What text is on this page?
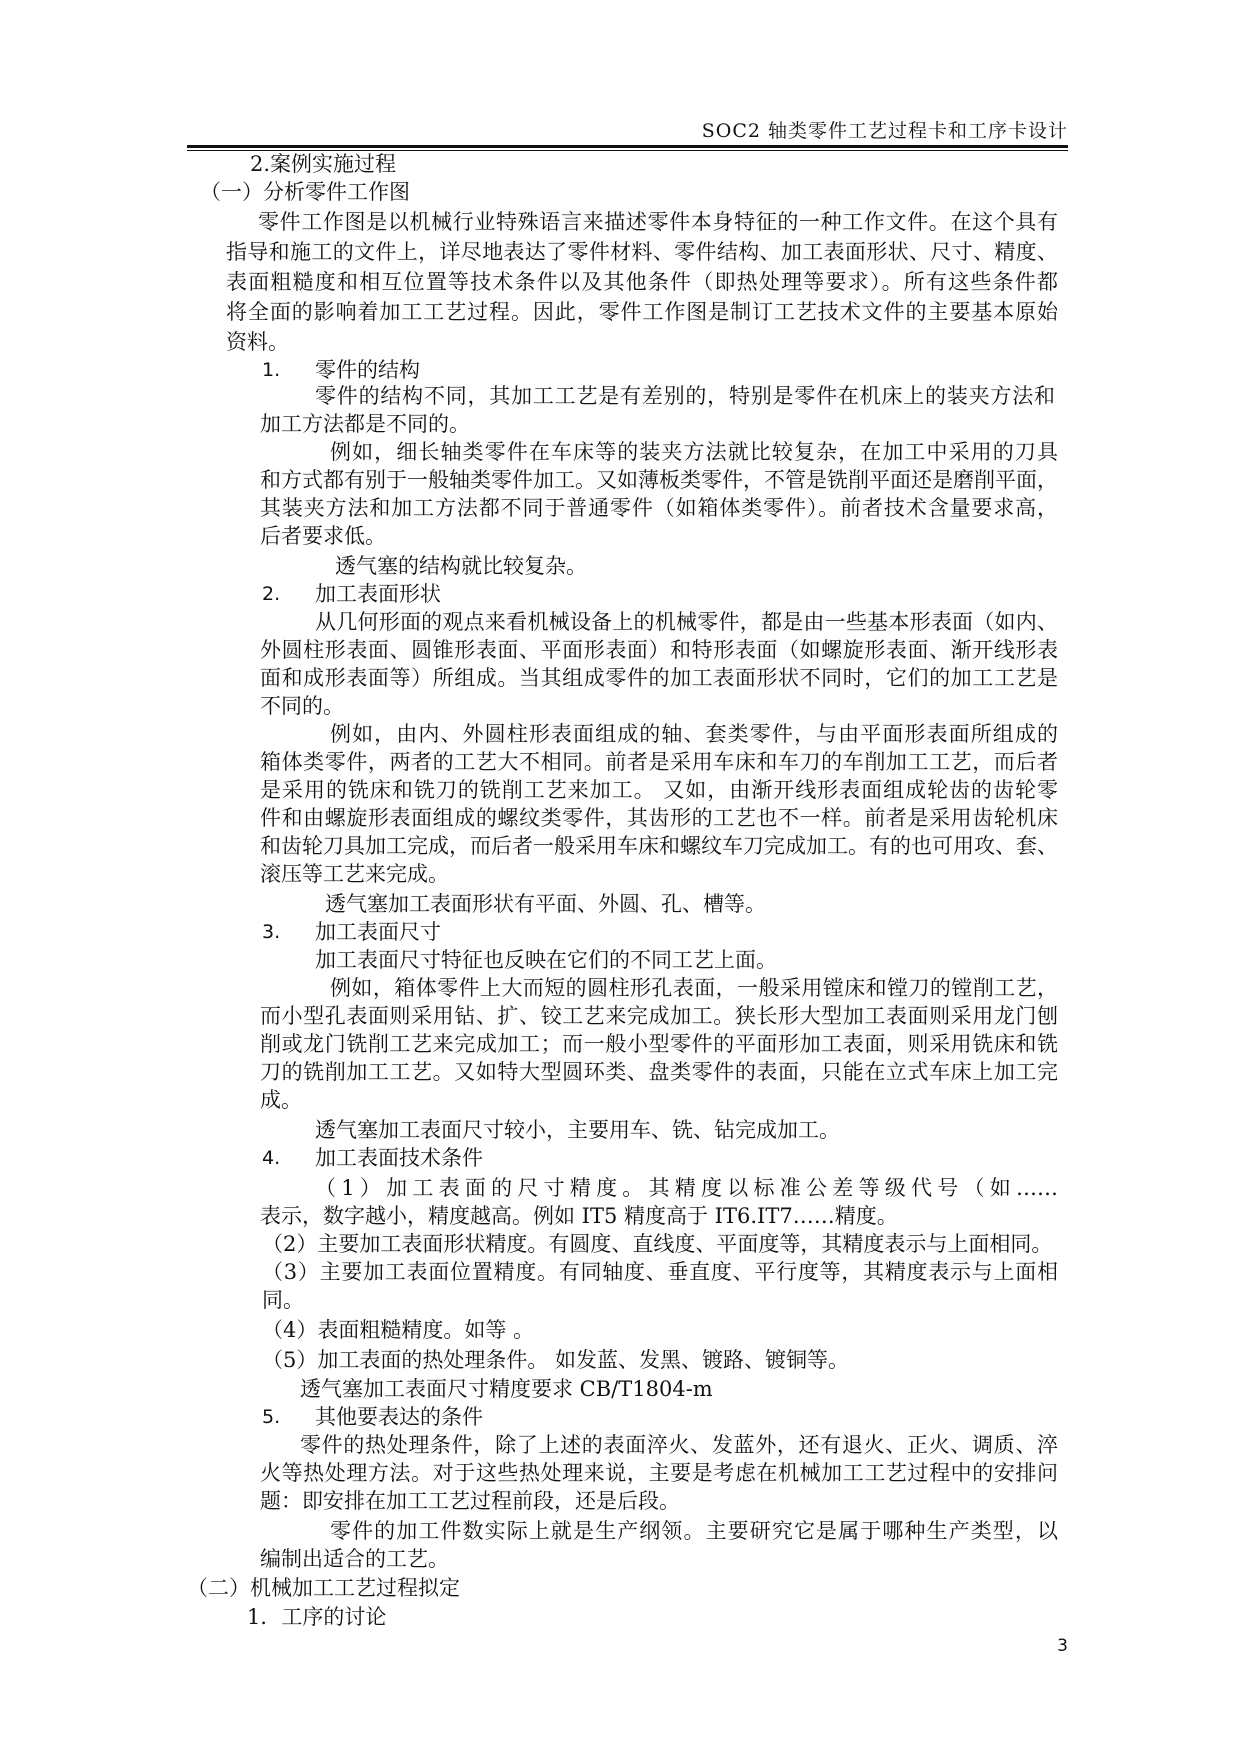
SOC2 轴类零件工艺过程卡和工序卡设计
2.案例实施过程
（一）分析零件工作图
零件工作图是以机械行业特殊语言来描述零件本身特征的一种工作文件。在这个具有
指导和施工的文件上，详尽地表达了零件材料、零件结构、加工表面形状、尺寸、精度、
表面粗糙度和相互位置等技术条件以及其他条件（即热处理等要求）。所有这些条件都
将全面的影响着加工工艺过程。因此，零件工作图是制订工艺技术文件的主要基本原始
资料。
零件的结构
零件的结构不同，其加工工艺是有差别的，特别是零件在机床上的装夹方法和
加工方法都是不同的。
例如，细长轴类零件在车床等的装夹方法就比较复杂，在加工中采用的刀具
和方式都有别于一般轴类零件加工。又如薄板类零件，不管是铣削平面还是磨削平面，
其装夹方法和加工方法都不同于普通零件（如箱体类零件）。前者技术含量要求高，
后者要求低。
透气塞的结构就比较复杂。
加工表面形状
从几何形面的观点来看机械设备上的机械零件，都是由一些基本形表面（如内、
外圆柱形表面、圆锥形表面、平面形表面）和特形表面（如螺旋形表面、渐开线形表
面和成形表面等）所组成。当其组成零件的加工表面形状不同时，它们的加工工艺是
不同的。
例如，由内、外圆柱形表面组成的轴、套类零件，与由平面形表面所组成的
箱体类零件，两者的工艺大不相同。前者是采用车床和车刀的车削加工工艺，而后者
是采用的铣床和铣刀的铣削工艺来加工。 又如，由渐开线形表面组成轮齿的齿轮零
件和由螺旋形表面组成的螺纹类零件，其齿形的工艺也不一样。前者是采用齿轮机床
和齿轮刀具加工完成，而后者一般采用车床和螺纹车刀完成加工。有的也可用攻、套、
滚压等工艺来完成。
透气塞加工表面形状有平面、外圆、孔、槽等。
加工表面尺寸
加工表面尺寸特征也反映在它们的不同工艺上面。
例如，箱体零件上大而短的圆柱形孔表面，一般采用镗床和镗刀的镗削工艺，
而小型孔表面则采用钻、扩、铰工艺来完成加工。狭长形大型加工表面则采用龙门刨
削或龙门铣削工艺来完成加工；而一般小型零件的平面形加工表面，则采用铣床和铣
刀的铣削加工工艺。又如特大型圆环类、盘类零件的表面，只能在立式车床上加工完
成。
透气塞加工表面尺寸较小，主要用车、铣、钻完成加工。
加工表面技术条件
（1）加工表面的尺寸精度。其精度以标准公差等级代号（如……
表示，数字越小，精度越高。例如 IT5 精度高于 IT6.IT7……精度。
（2）主要加工表面形状精度。有圆度、直线度、平面度等，其精度表示与上面相同。
（3）主要加工表面位置精度。有同轴度、垂直度、平行度等，其精度表示与上面相
同。
（4）表面粗糙精度。如等 。
（5）加工表面的热处理条件。 如发蓝、发黑、镀路、镀铜等。
透气塞加工表面尺寸精度要求 CB/T1804-m
其他要表达的条件
零件的热处理条件，除了上述的表面淬火、发蓝外，还有退火、正火、调质、淬
火等热处理方法。对于这些热处理来说，主要是考虑在机械加工工艺过程中的安排问
题：即安排在加工工艺过程前段，还是后段。
零件的加工件数实际上就是生产纲领。主要研究它是属于哪种生产类型，以
编制出适合的工艺。
（二）机械加工工艺过程拟定
1．工序的讨论
1.
2.
3.
4.
5.
3
